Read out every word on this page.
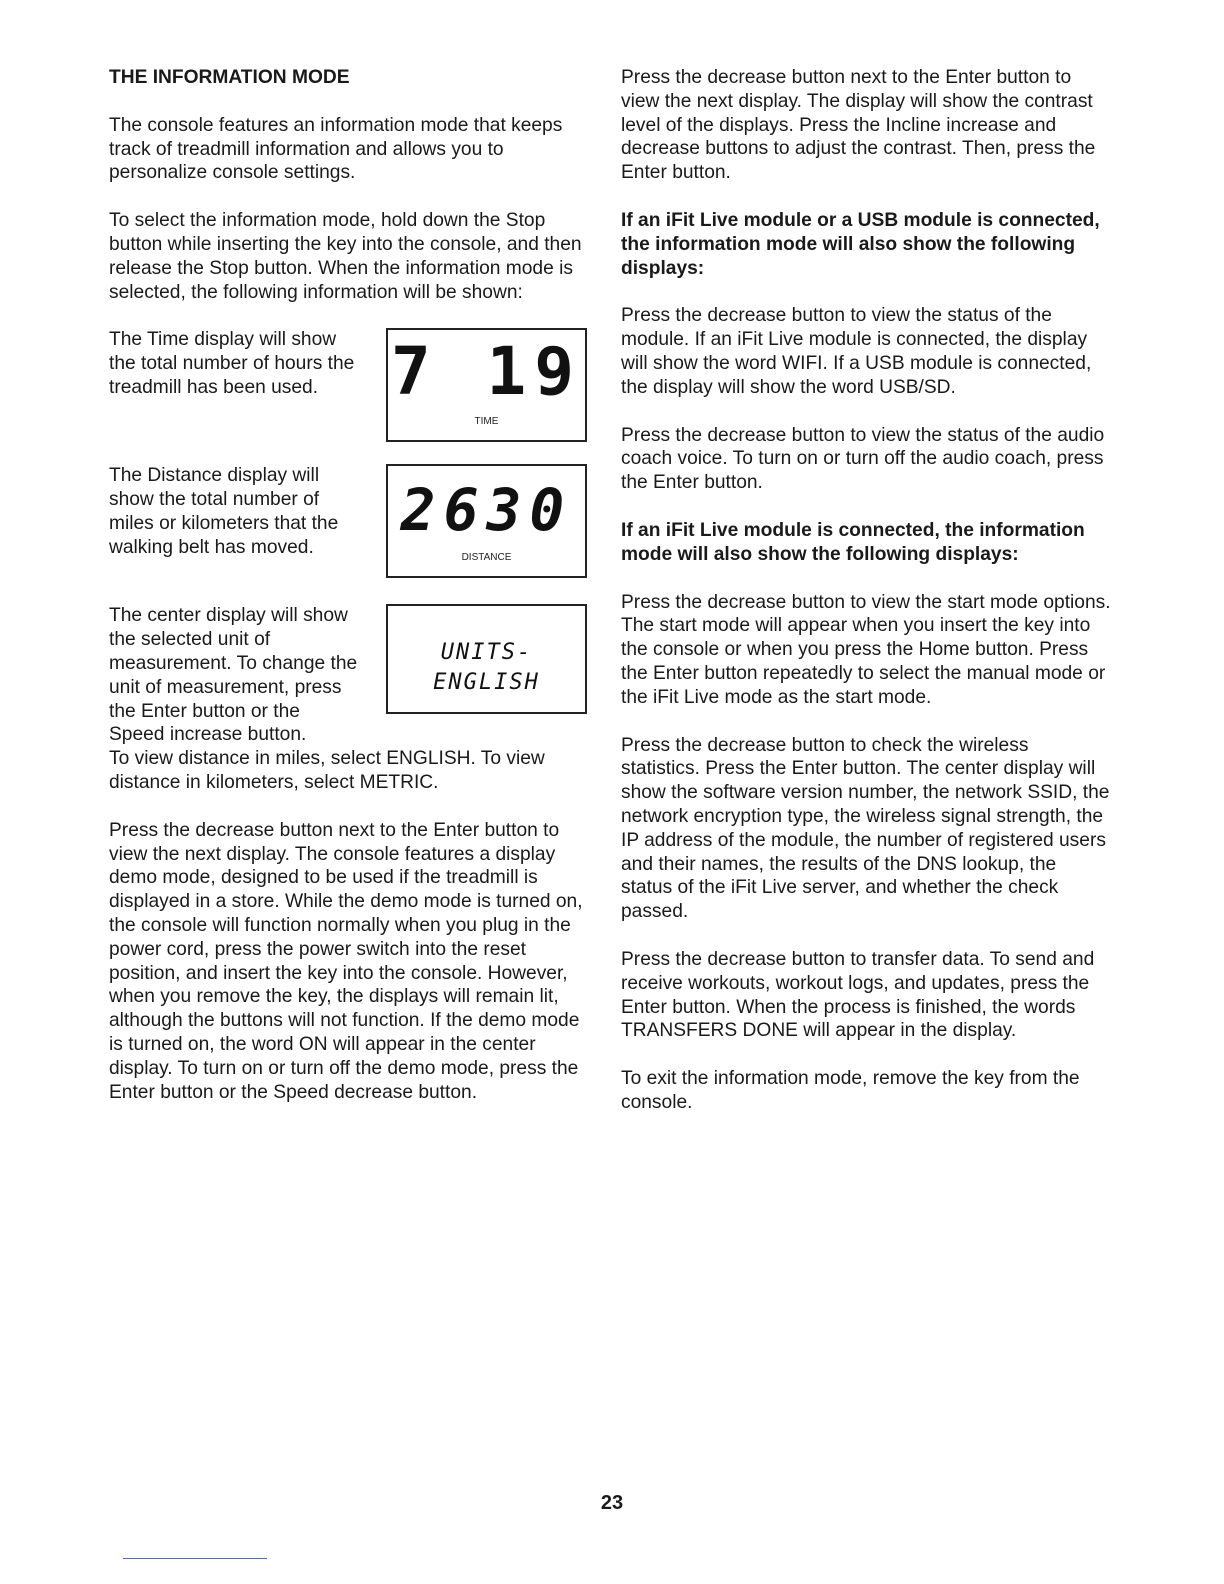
THE INFORMATION MODE

The console features an information mode that keeps track of treadmill information and allows you to personalize console settings.

To select the information mode, hold down the Stop button while inserting the key into the console, and then release the Stop button. When the information mode is selected, the following information will be shown:

The Time display will show the total number of hours the treadmill has been used.	7 19
TIME
The Distance display will show the total number of miles or kilometers that the walking belt has moved.
2630
DISTANCE
The center display will show the selected unit of measurement. To change the unit of measurement, press the Enter button or the Speed increase button.
UNITS- ENGLISH

To view distance in miles, select ENGLISH. To view distance in kilometers, select METRIC.

Press the decrease button next to the Enter button to view the next display. The console features a display demo mode, designed to be used if the treadmill is displayed in a store. While the demo mode is turned on, the console will function normally when you plug in the power cord, press the power switch into the reset position, and insert the key into the console. However, when you remove the key, the displays will remain lit, although the buttons will not function. If the demo mode is turned on, the word ON will appear in the center display. To turn on or turn off the demo mode, press the Enter button or the Speed decrease button.

Press the decrease button next to the Enter button to view the next display. The display will show the contrast level of the displays. Press the Incline increase and decrease buttons to adjust the contrast. Then, press the Enter button.

If an iFit Live module or a USB module is connected, the information mode will also show the following displays:

Press the decrease button to view the status of the module. If an iFit Live module is connected, the display will show the word WIFI. If a USB module is connected, the display will show the word USB/SD.

Press the decrease button to view the status of the audio coach voice. To turn on or turn off the audio coach, press the Enter button.

If an iFit Live module is connected, the information mode will also show the following displays:

Press the decrease button to view the start mode options. The start mode will appear when you insert the key into the console or when you press the Home button. Press the Enter button repeatedly to select the manual mode or the iFit Live mode as the start mode.

Press the decrease button to check the wireless statistics. Press the Enter button. The center display will show the software version number, the network SSID, the network encryption type, the wireless signal strength, the IP address of the module, the number of registered users and their names, the results of the DNS lookup, the status of the iFit Live server, and whether the check passed.

Press the decrease button to transfer data. To send and receive workouts, workout logs, and updates, press the Enter button. When the process is finished, the words TRANSFERS DONE will appear in the display.

To exit the information mode, remove the key from the console.

23
